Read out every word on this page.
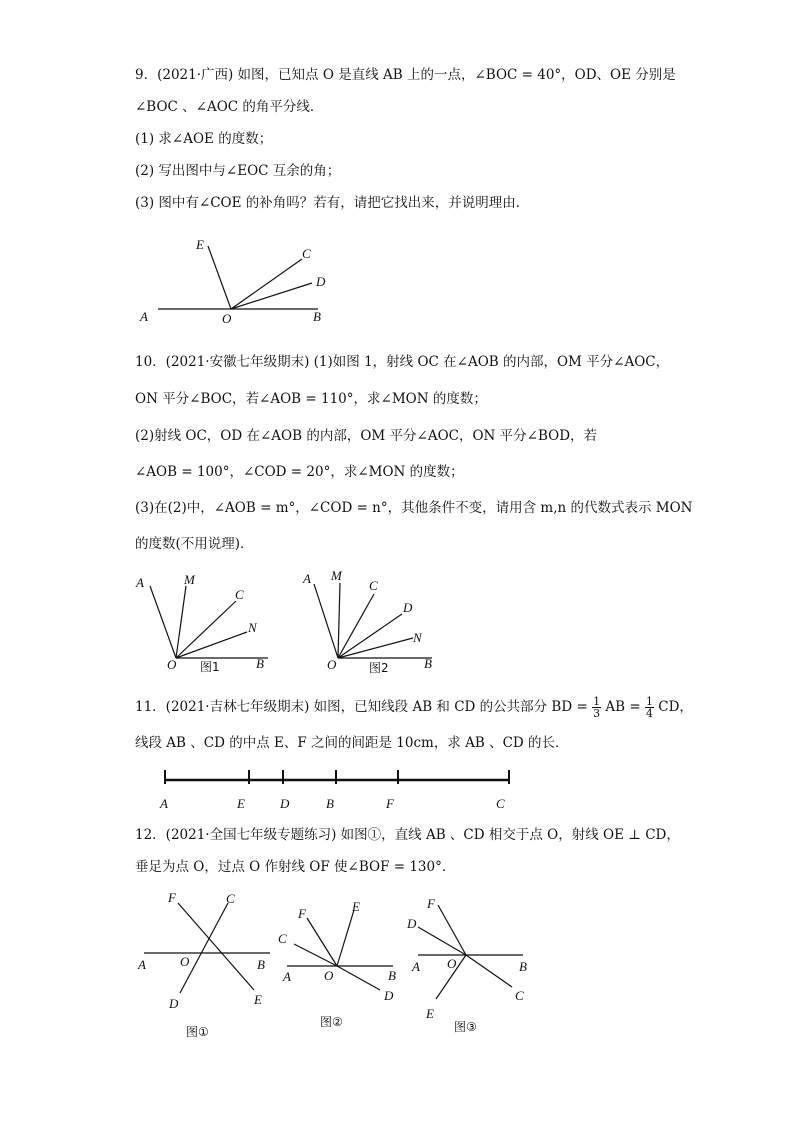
9．(2021·广西) 如图，已知点 O 是直线 AB 上的一点，∠BOC = 40°，OD、OE 分别是
∠BOC 、∠AOC 的角平分线．
(1) 求∠AOE 的度数；
(2) 写出图中与∠EOC 互余的角；
(3) 图中有∠COE 的补角吗？若有，请把它找出来，并说明理由．
A	O	B
C
D
E
10．(2021·安徽七年级期末) (1)如图 1，射线 OC 在∠AOB 的内部，OM 平分∠AOC，
ON 平分∠BOC，若∠AOB = 110°，求∠MON 的度数；
(2)射线 OC，OD 在∠AOB 的内部，OM 平分∠AOC，ON 平分∠BOD，若
∠AOB = 100°，∠COD = 20°，求∠MON 的度数；
(3)在(2)中，∠AOB = m°，∠COD = n°，其他条件不变，请用含 m,n 的代数式表示 MON
的度数(不用说理)．
A	M
C
N
O	B
图1
A M
C
D
N
O	B
图2
11．(2021·吉林七年级期末) 如图，已知线段 AB 和 CD 的公共部分 BD = $\frac{1}{3}$ AB = $\frac{1}{4}$ CD，
线段 AB 、CD 的中点 E、F 之间的间距是 10cm，求 AB 、CD 的长．
A	E	D	B	F	C
12．(2021·全国七年级专题练习) 如图①，直线 AB 、CD 相交于点 O，射线 OE ⊥ CD，
垂足为点 O，过点 O 作射线 OF 使∠BOF = 130°．
F	C
A	O	B
D	E
图①
F	E
C
A	O	B
D
图②
F
D
A O	B
C
E
图③
